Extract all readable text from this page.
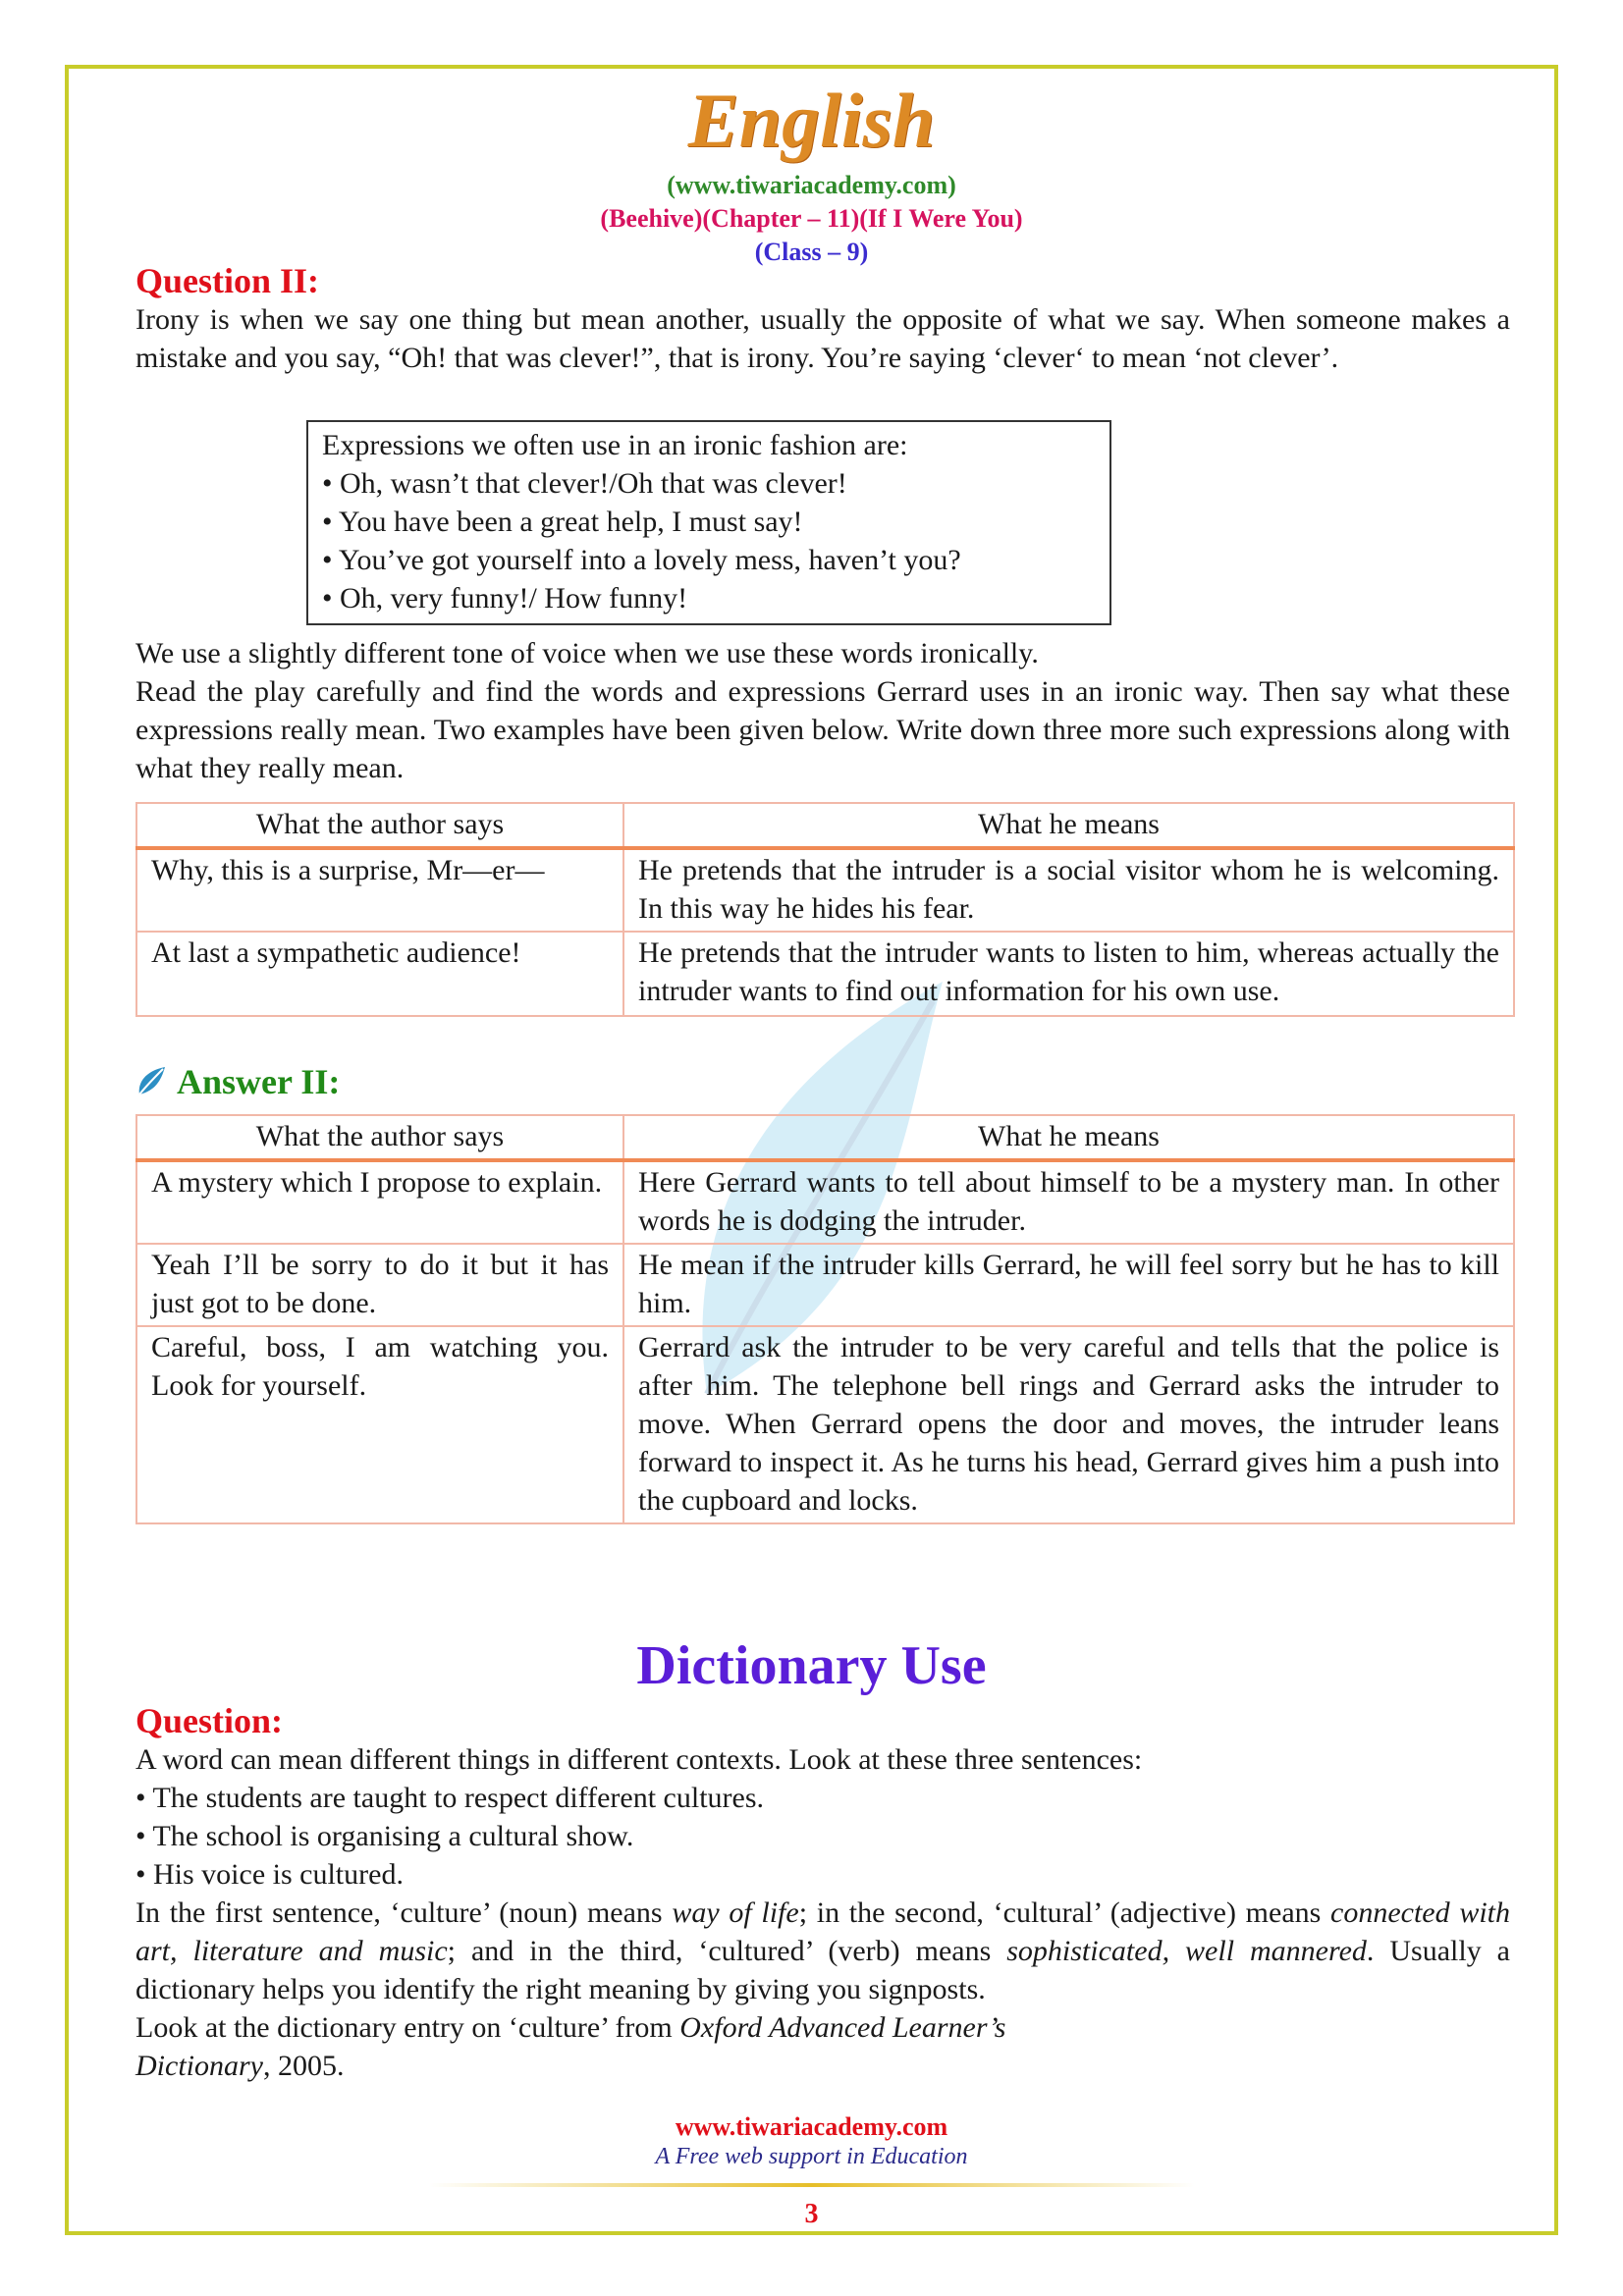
English
(www.tiwariacademy.com)
(Beehive)(Chapter – 11)(If I Were You)
(Class – 9)
Question II:

Irony is when we say one thing but mean another, usually the opposite of what we say. When someone makes a mistake and you say, “Oh! that was clever!”, that is irony. You’re saying ‘clever‘ to mean ‘not clever’.

Expressions we often use in an ironic fashion are:
• Oh, wasn’t that clever!/Oh that was clever!
• You have been a great help, I must say!
• You’ve got yourself into a lovely mess, haven’t you?
• Oh, very funny!/ How funny!

We use a slightly different tone of voice when we use these words ironically.

Read the play carefully and find the words and expressions Gerrard uses in an ironic way. Then say what these expressions really mean. Two examples have been given below. Write down three more such expressions along with what they really mean.

What the author says	What he means
Why, this is a surprise, Mr—er—	He pretends that the intruder is a social visitor whom he is welcoming. In this way he hides his fear.
At last a sympathetic audience!	He pretends that the intruder wants to listen to him, whereas actually the intruder wants to find out information for his own use.
Answer II:
What the author says	What he means
A mystery which I propose to explain.	Here Gerrard wants to tell about himself to be a mystery man. In other words he is dodging the intruder.
Yeah I’ll be sorry to do it but it has just got to be done.	He mean if the intruder kills Gerrard, he will feel sorry but he has to kill him.
Careful, boss, I am watching you. Look for yourself.	Gerrard ask the intruder to be very careful and tells that the police is after him. The telephone bell rings and Gerrard asks the intruder to move. When Gerrard opens the door and moves, the intruder leans forward to inspect it. As he turns his head, Gerrard gives him a push into the cupboard and locks.
Dictionary Use
Question:

A word can mean different things in different contexts. Look at these three sentences:

• The students are taught to respect different cultures.

• The school is organising a cultural show.

• His voice is cultured.

In the first sentence, ‘culture’ (noun) means way of life; in the second, ‘cultural’ (adjective) means connected with art, literature and music; and in the third, ‘cultured’ (verb) means sophisticated, well mannered. Usually a dictionary helps you identify the right meaning by giving you signposts.

Look at the dictionary entry on ‘culture’ from Oxford Advanced Learner’s
Dictionary, 2005.

www.tiwariacademy.com
A Free web support in Education
3
